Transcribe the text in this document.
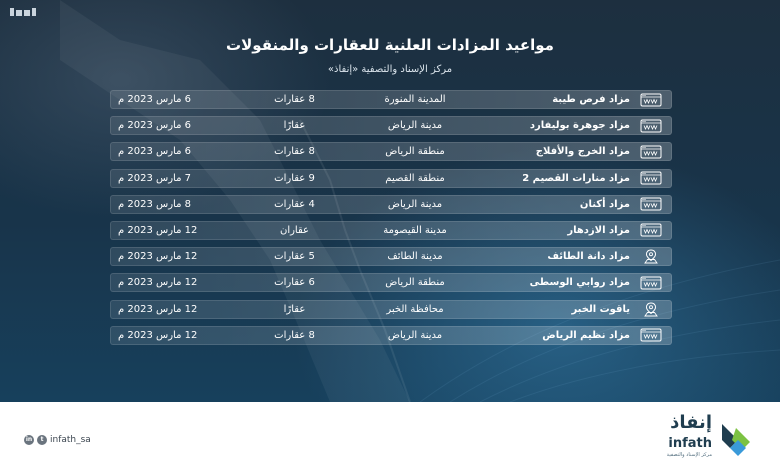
مواعيد المزادات العلنية للعقارات والمنقولات
مركز الإسناد والتصفية «إنفاذ»
مزاد فرص طيبة
المدينة المنورة
8 عقارات
6 مارس 2023 م
مزاد جوهرة بوليفارد
مدينة الرياض
عقارًا
6 مارس 2023 م
مزاد الخرج والأفلاج
منطقة الرياض
8 عقارات
6 مارس 2023 م
مزاد منارات القصيم 2
منطقة القصيم
9 عقارات
7 مارس 2023 م
مزاد أكنان
مدينة الرياض
4 عقارات
8 مارس 2023 م
مزاد الازدهار
مدينة القيصومة
عقاران
12 مارس 2023 م
مزاد دانة الطائف
مدينة الطائف
5 عقارات
12 مارس 2023 م
مزاد روابي الوسطى
منطقة الرياض
6 عقارات
12 مارس 2023 م
ياقوت الخبر
محافظة الخبر
عقارًا
12 مارس 2023 م
مزاد نظيم الرياض
مدينة الرياض
8 عقارات
12 مارس 2023 م
in	t infath_sa
إنفاذ
infath
مركز الإسناد والتصفية
